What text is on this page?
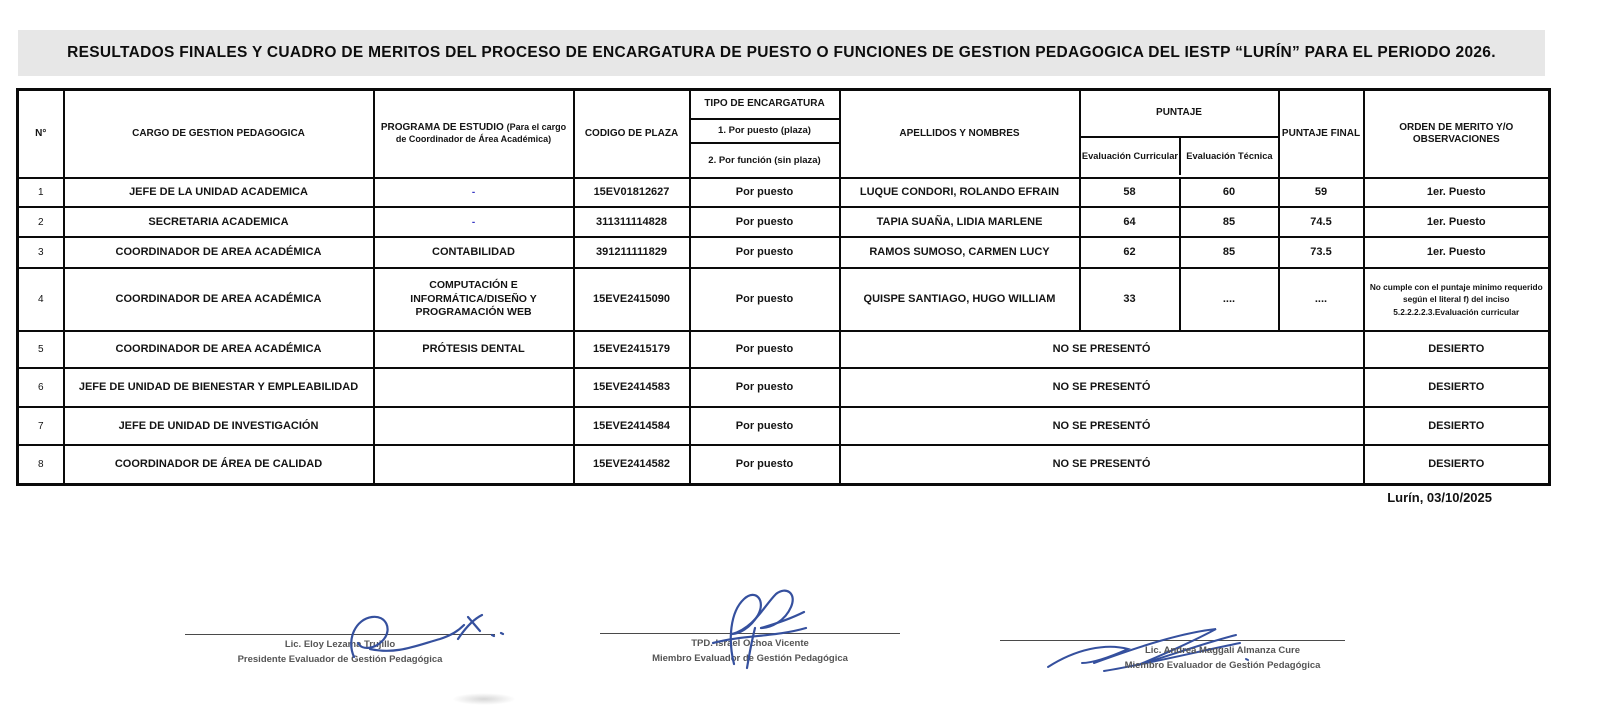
RESULTADOS FINALES Y CUADRO DE MERITOS DEL PROCESO DE ENCARGATURA DE PUESTO O FUNCIONES DE GESTION PEDAGOGICA DEL IESTP “LURÍN” PARA EL PERIODO 2026.
N°	CARGO DE GESTION PEDAGOGICA	PROGRAMA DE ESTUDIO (Para el cargo de Coordinador de Área Académica)	CODIGO DE PLAZA	
TIPO DE ENCARGATURA
1. Por puesto (plaza)
2. Por función (sin plaza)
	APELLIDOS Y NOMBRES	
PUNTAJE
Evaluación Curricular Evaluación Técnica
	PUNTAJE FINAL	ORDEN DE MERITO Y/O OBSERVACIONES
1	JEFE DE LA UNIDAD ACADEMICA	-	15EV01812627	Por puesto	LUQUE CONDORI, ROLANDO EFRAIN	58	60	59	1er. Puesto
2	SECRETARIA ACADEMICA	-	311311114828	Por puesto	TAPIA SUAÑA, LIDIA MARLENE	64	85	74.5	1er. Puesto
3	COORDINADOR DE AREA ACADÉMICA	CONTABILIDAD	391211111829	Por puesto	RAMOS SUMOSO, CARMEN LUCY	62	85	73.5	1er. Puesto
4	COORDINADOR DE AREA ACADÉMICA	COMPUTACIÓN E INFORMÁTICA/DISEÑO Y PROGRAMACIÓN WEB	15EVE2415090	Por puesto	QUISPE SANTIAGO, HUGO WILLIAM	33	....	....	No cumple con el puntaje minimo requerido según el literal f) del inciso 5.2.2.2.2.3.Evaluación curricular
5	COORDINADOR DE AREA ACADÉMICA	PRÓTESIS DENTAL	15EVE2415179	Por puesto	NO SE PRESENTÓ				DESIERTO
6	JEFE DE UNIDAD DE BIENESTAR Y EMPLEABILIDAD		15EVE2414583	Por puesto	NO SE PRESENTÓ				DESIERTO
7	JEFE DE UNIDAD DE INVESTIGACIÓN		15EVE2414584	Por puesto	NO SE PRESENTÓ				DESIERTO
8	COORDINADOR DE ÁREA DE CALIDAD		15EVE2414582	Por puesto	NO SE PRESENTÓ				DESIERTO
Lurín, 03/10/2025
Lic. Eloy Lezama Trujillo
Presidente Evaluador de Gestión Pedagógica
TPD. Israel Ochoa Vicente
Miembro Evaluador de Gestión Pedagógica
Lic. Andrea Maggali Almanza Cure
Miembro Evaluador de Gestión Pedagógica
